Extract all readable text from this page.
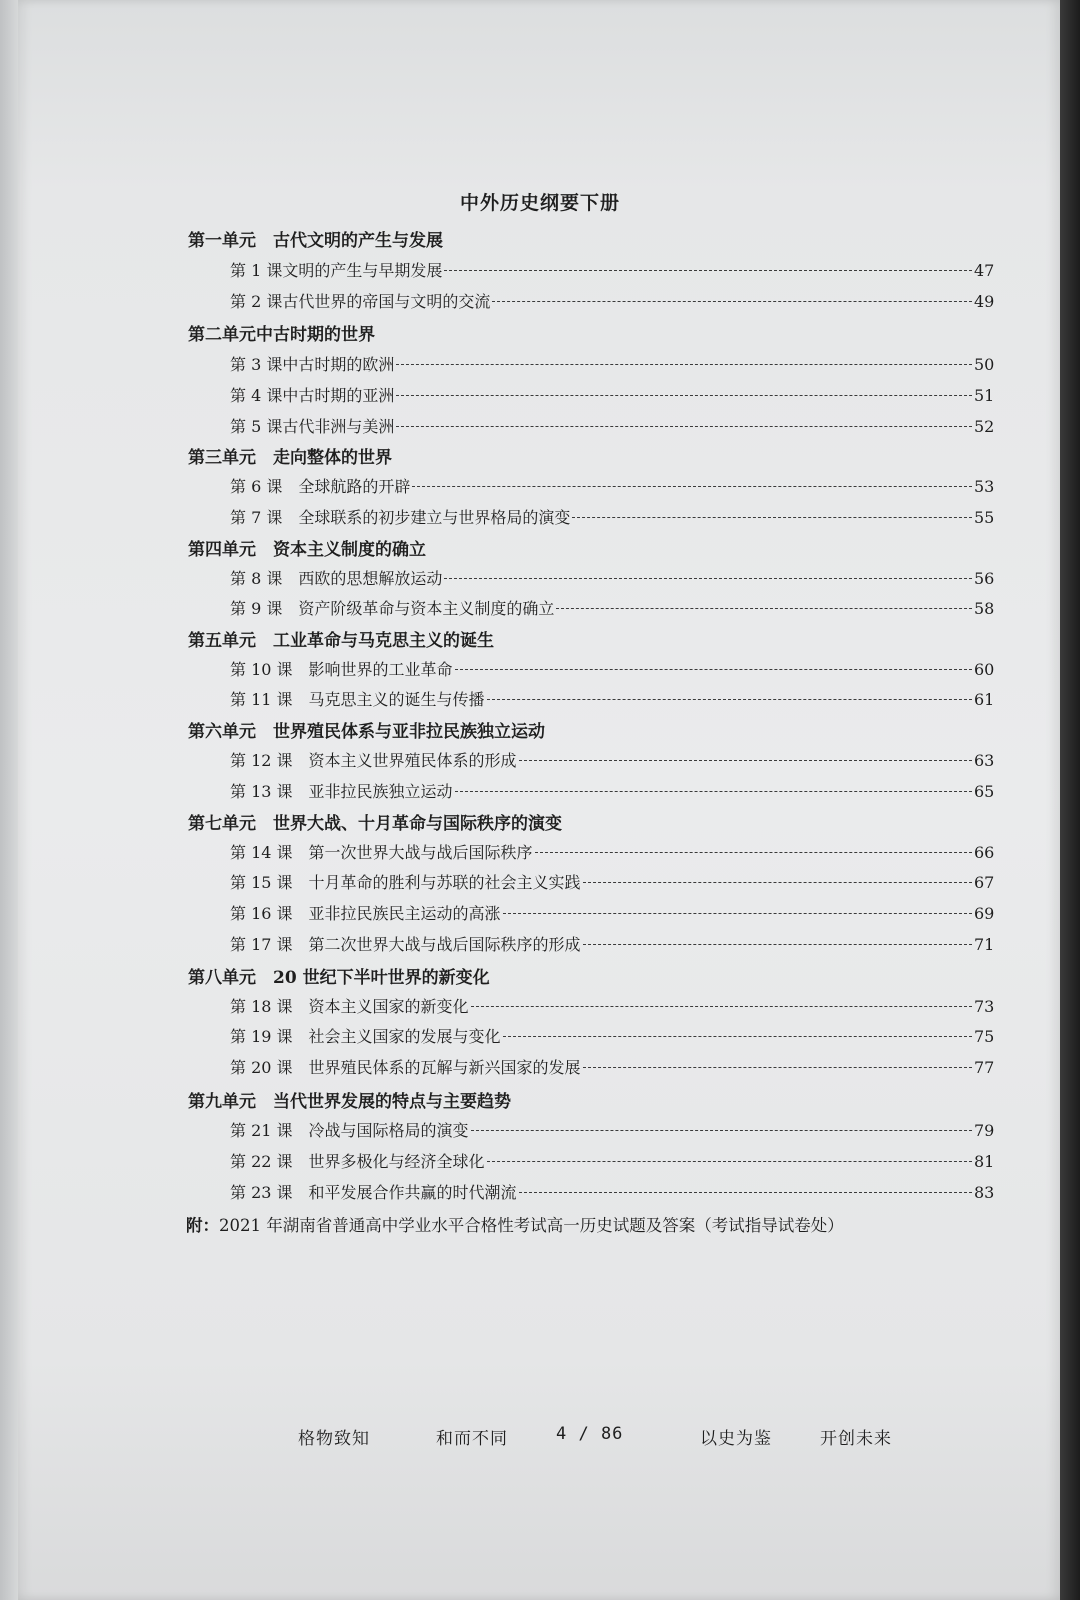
中外历史纲要下册
第一单元　古代文明的产生与发展
第 1 课文明的产生与早期发展	47
第 2 课古代世界的帝国与文明的交流	49
第二单元中古时期的世界
第 3 课中古时期的欧洲	50
第 4 课中古时期的亚洲	51
第 5 课古代非洲与美洲	52
第三单元　走向整体的世界
第 6 课　全球航路的开辟	53
第 7 课　全球联系的初步建立与世界格局的演变	55
第四单元　资本主义制度的确立
第 8 课　西欧的思想解放运动	56
第 9 课　资产阶级革命与资本主义制度的确立	58
第五单元　工业革命与马克思主义的诞生
第 10 课　影响世界的工业革命	60
第 11 课　马克思主义的诞生与传播	61
第六单元　世界殖民体系与亚非拉民族独立运动
第 12 课　资本主义世界殖民体系的形成	63
第 13 课　亚非拉民族独立运动	65
第七单元　世界大战、十月革命与国际秩序的演变
第 14 课　第一次世界大战与战后国际秩序	66
第 15 课　十月革命的胜利与苏联的社会主义实践	67
第 16 课　亚非拉民族民主运动的高涨	69
第 17 课　第二次世界大战与战后国际秩序的形成	71
第八单元　20 世纪下半叶世界的新变化
第 18 课　资本主义国家的新变化	73
第 19 课　社会主义国家的发展与变化	75
第 20 课　世界殖民体系的瓦解与新兴国家的发展	77
第九单元　当代世界发展的特点与主要趋势
第 21 课　冷战与国际格局的演变	79
第 22 课　世界多极化与经济全球化	81
第 23 课　和平发展合作共赢的时代潮流	83
附：2021 年湖南省普通高中学业水平合格性考试高一历史试题及答案（考试指导试卷处）
格物致知	和而不同	4 / 86	以史为鉴	开创未来
